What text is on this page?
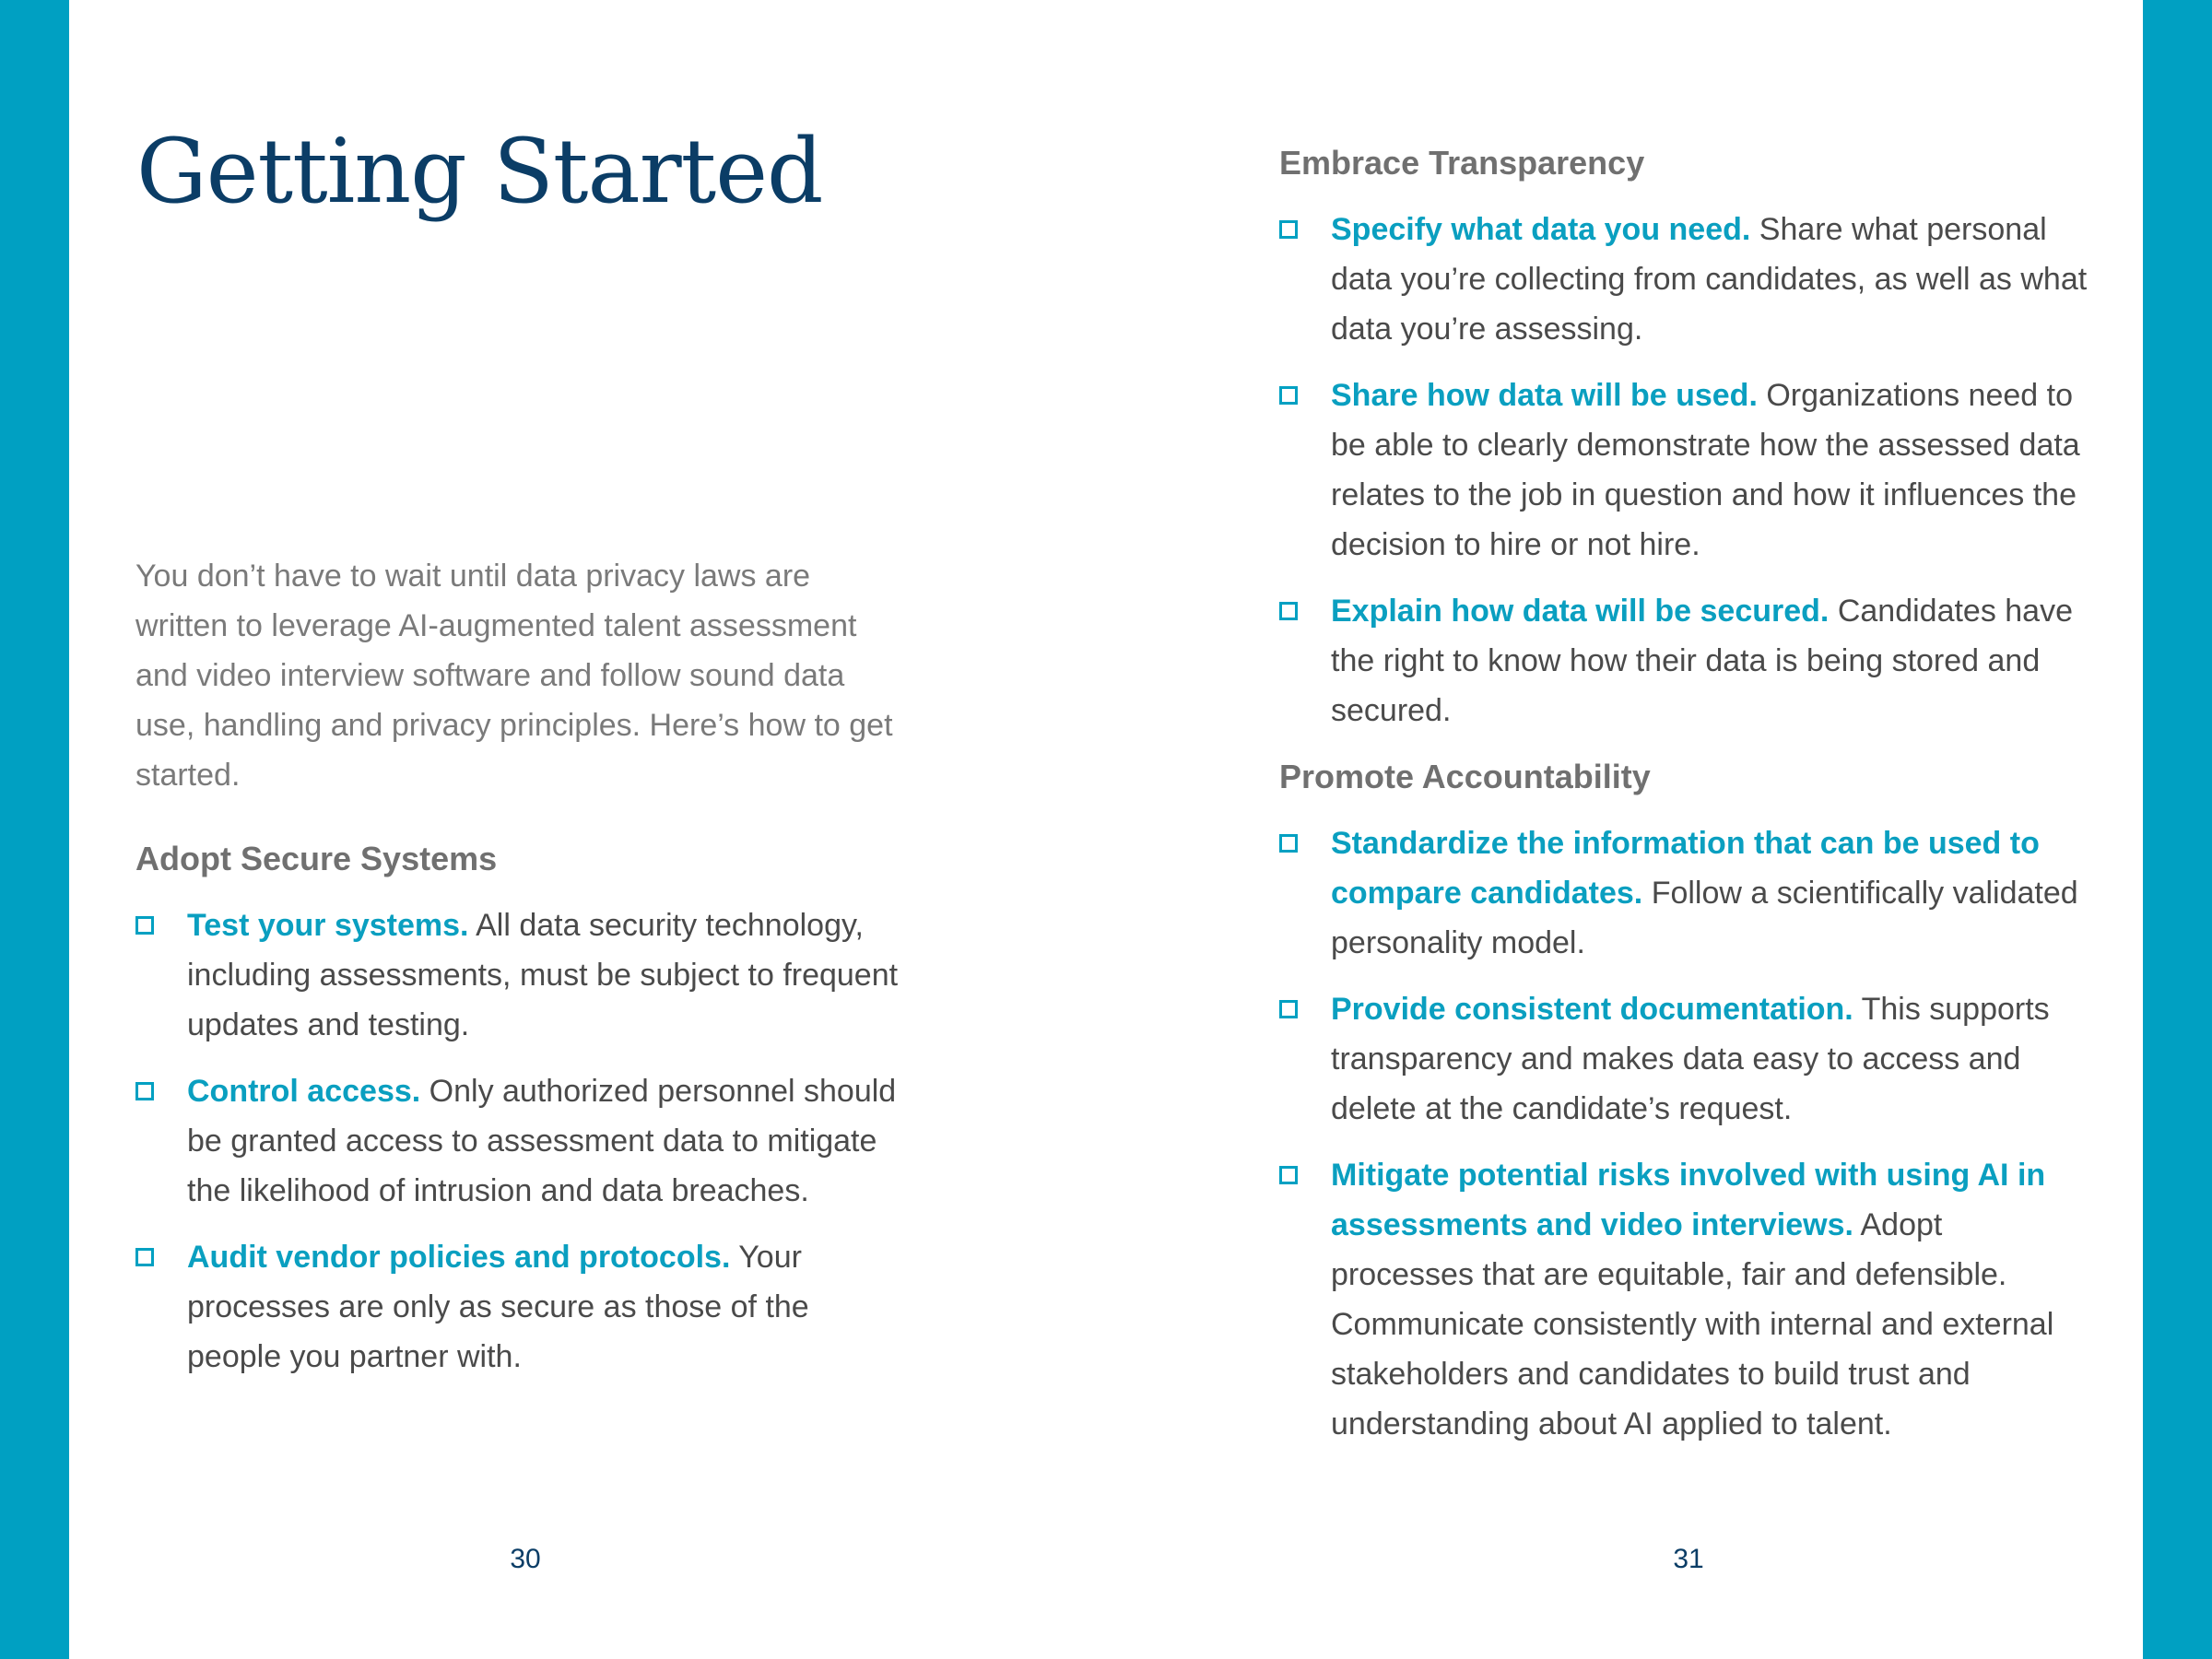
Getting Started

You don’t have to wait until data privacy laws are written to leverage AI-augmented talent assessment and video interview software and follow sound data use, handling and privacy principles. Here’s how to get started.

Adopt Secure Systems
Test your systems. All data security technology, including assessments, must be subject to frequent updates and testing.
Control access. Only authorized personnel should be granted access to assessment data to mitigate the likelihood of intrusion and data breaches.
Audit vendor policies and protocols. Your processes are only as secure as those of the people you partner with.
30
Embrace Transparency
Specify what data you need. Share what personal data you’re collecting from candidates, as well as what data you’re assessing.
Share how data will be used. Organizations need to be able to clearly demonstrate how the assessed data relates to the job in question and how it influences the decision to hire or not hire.
Explain how data will be secured. Candidates have the right to know how their data is being stored and secured.
Promote Accountability
Standardize the information that can be used to compare candidates. Follow a scientifically validated personality model.
Provide consistent documentation. This supports transparency and makes data easy to access and delete at the candidate’s request.
Mitigate potential risks involved with using AI in assessments and video interviews. Adopt processes that are equitable, fair and defensible. Communicate consistently with internal and external stakeholders and candidates to build trust and understanding about AI applied to talent.
31
